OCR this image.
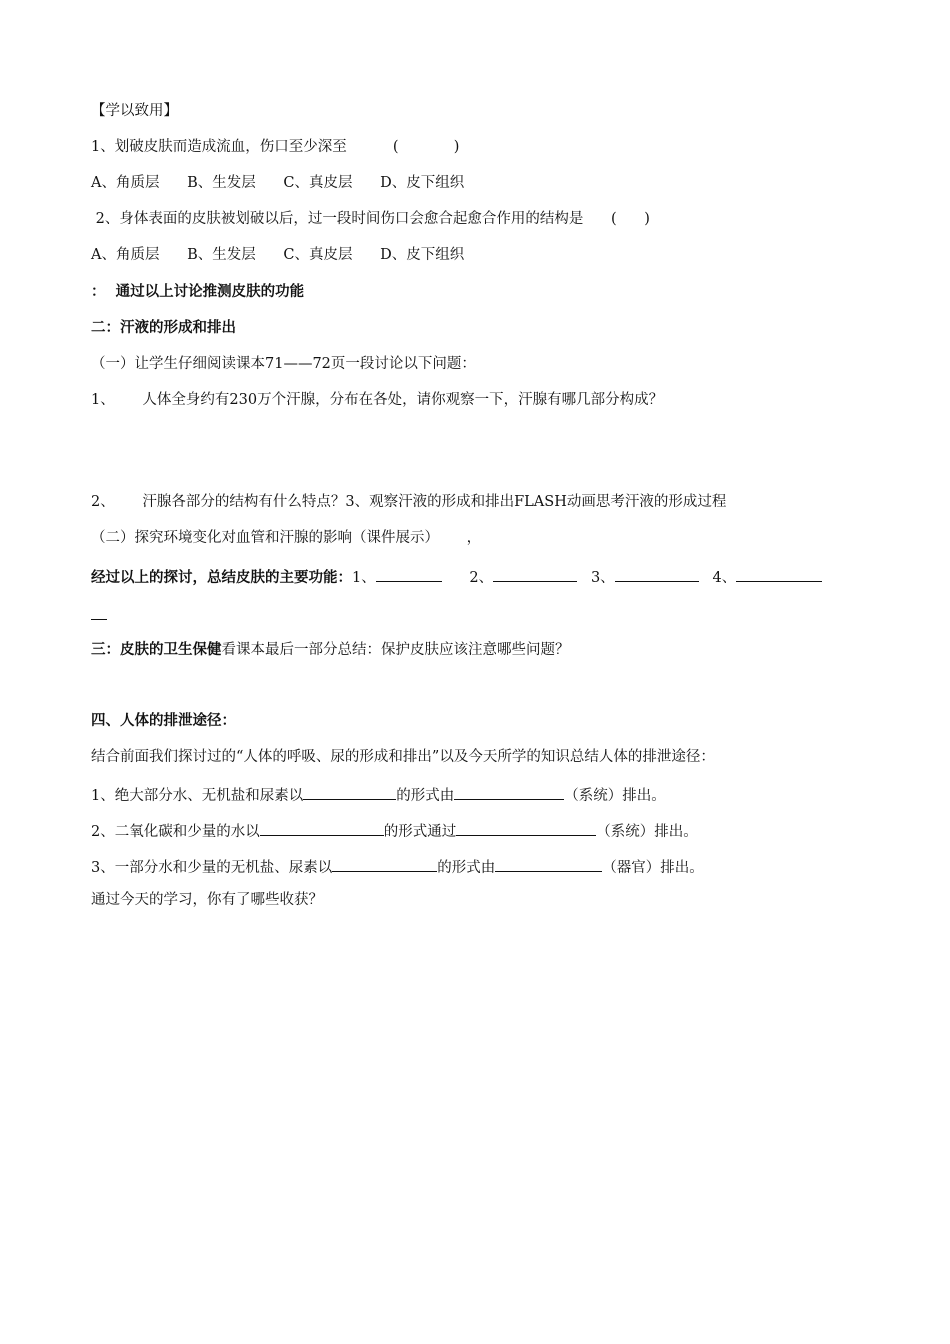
【学以致用】
1、划破皮肤而造成流血，伤口至少深至          (            )
A、角质层      B、生发层      C、真皮层      D、皮下组织
2、身体表面的皮肤被划破以后，过一段时间伤口会愈合起愈合作用的结构是      (      )
A、角质层      B、生发层      C、真皮层      D、皮下组织
：  通过以上讨论推测皮肤的功能
二：汗液的形成和排出
（一）让学生仔细阅读课本71——72页一段讨论以下问题：
1、      人体全身约有230万个汗腺，分布在各处，请你观察一下，汗腺有哪几部分构成？
2、      汗腺各部分的结构有什么特点？3、观察汗液的形成和排出FLASH动画思考汗液的形成过程
（二）探究环境变化对血管和汗腺的影响（课件展示）      ，
经过以上的探讨，总结皮肤的主要功能：1、	2、	3、	4、
三：皮肤的卫生保健看课本最后一部分总结：保护皮肤应该注意哪些问题？
四、人体的排泄途径：
结合前面我们探讨过的“人体的呼吸、尿的形成和排出”以及今天所学的知识总结人体的排泄途径：
1、绝大部分水、无机盐和尿素以	的形式由	（系统）排出。
2、二氧化碳和少量的水以	的形式通过	（系统）排出。
3、一部分水和少量的无机盐、尿素以	的形式由	（器官）排出。
通过今天的学习，你有了哪些收获？
